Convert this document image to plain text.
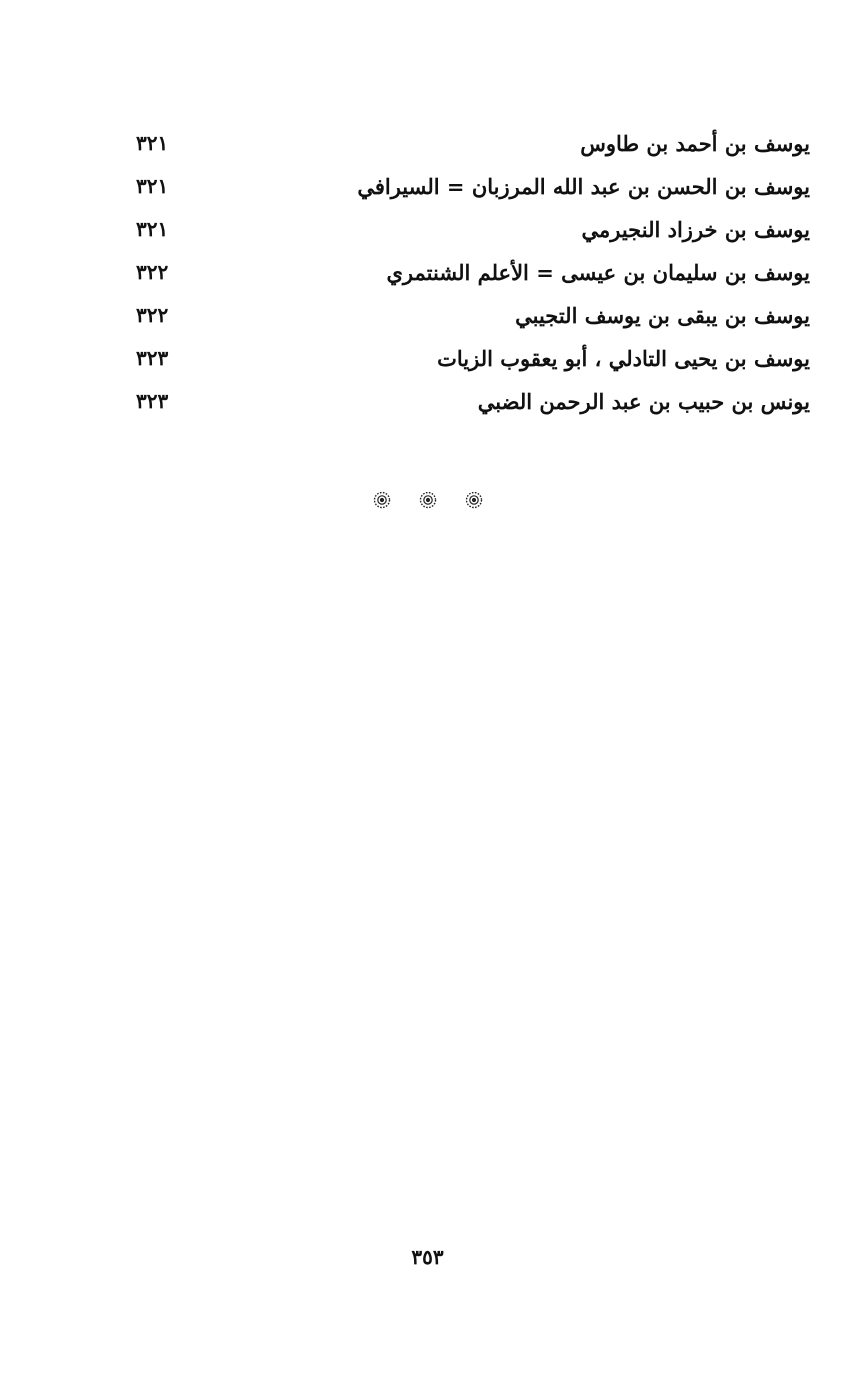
يوسف بن أحمد بن طاوس
٣٢١
يوسف بن الحسن بن عبد الله المرزبان = السيرافي
٣٢١
يوسف بن خرزاد النجيرمي
٣٢١
يوسف بن سليمان بن عيسى = الأعلم الشنتمري
٣٢٢
يوسف بن يبقى بن يوسف التجيبي
٣٢٢
يوسف بن يحيى التادلي ، أبو يعقوب الزيات
٣٢٣
يونس بن حبيب بن عبد الرحمن الضبي
٣٢٣
٣٥٣
